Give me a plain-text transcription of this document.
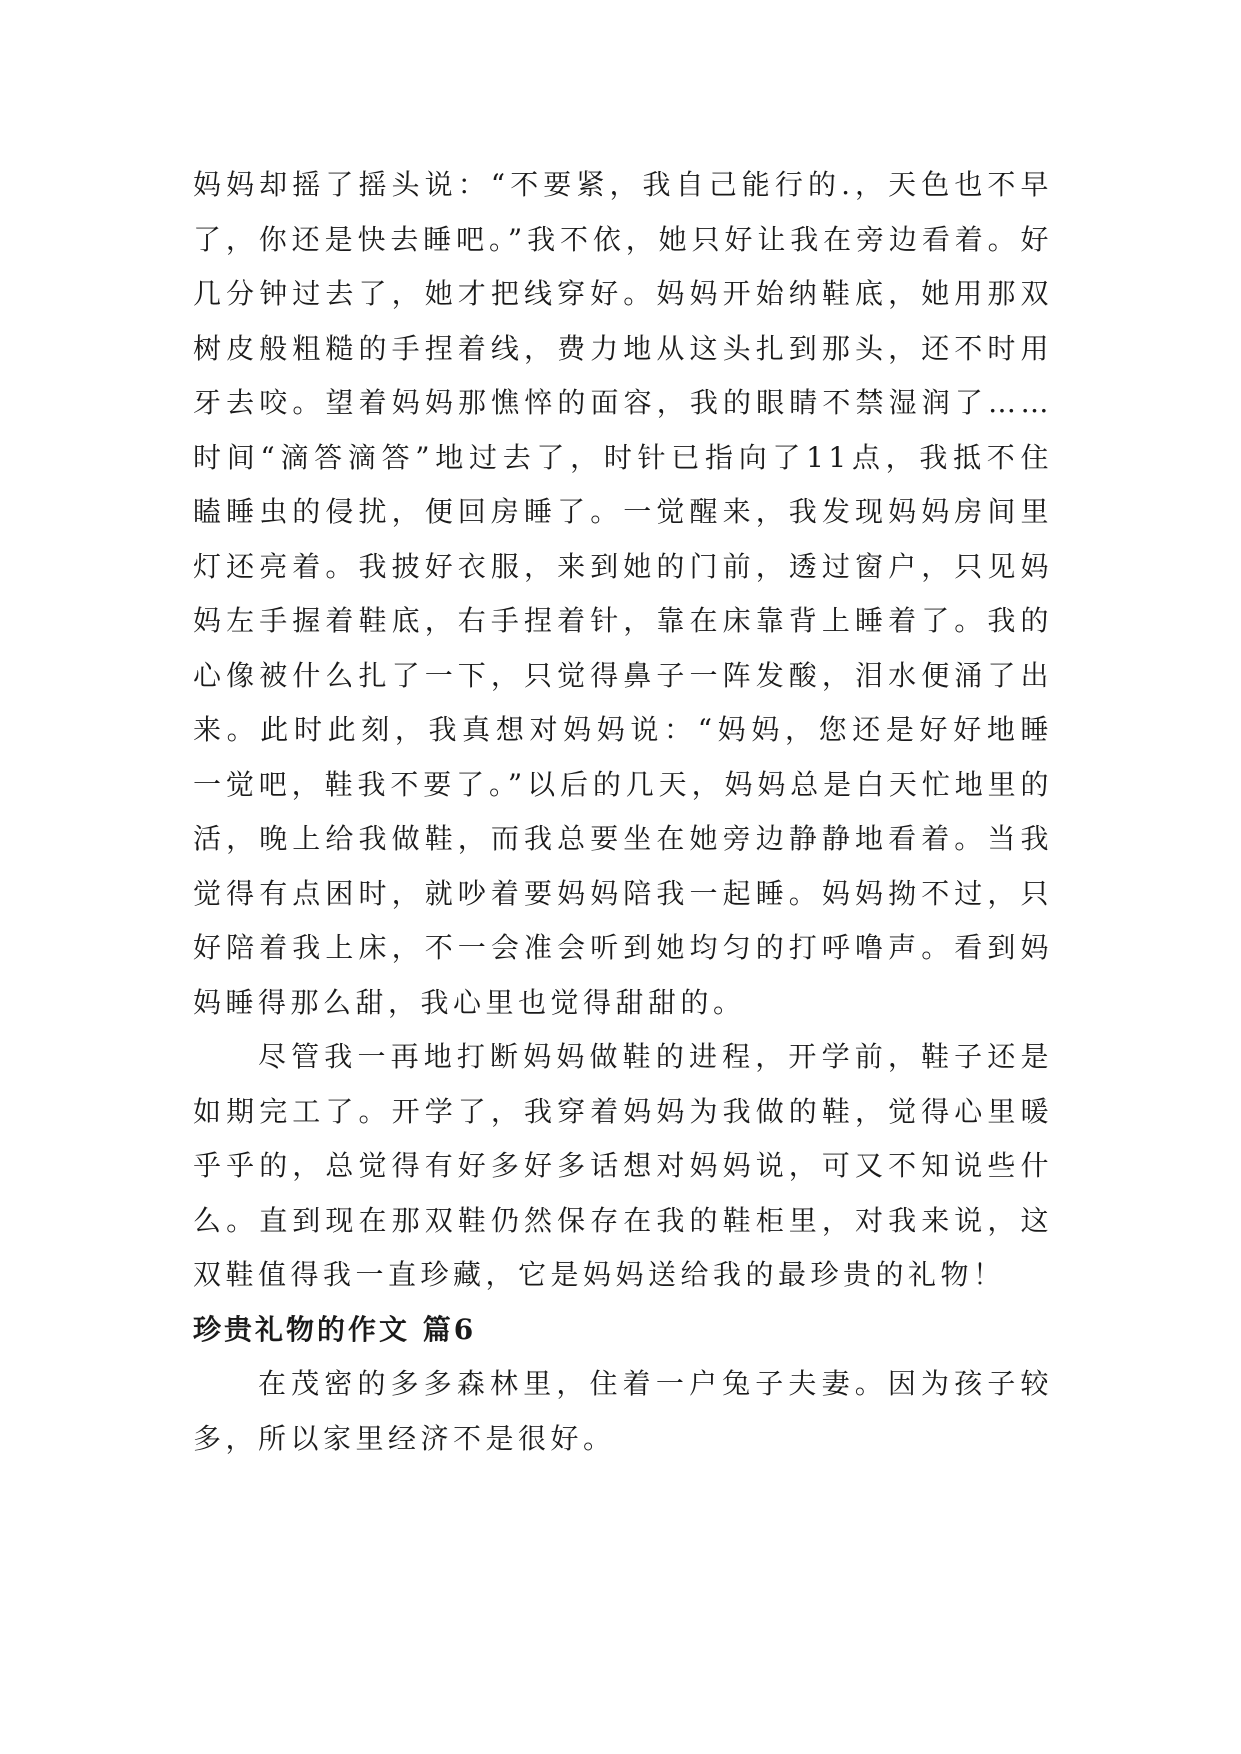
妈妈却摇了摇头说：“不要紧，我自己能行的.，天色也不早了，你还是快去睡吧。”我不依，她只好让我在旁边看着。好几分钟过去了，她才把线穿好。妈妈开始纳鞋底，她用那双树皮般粗糙的手捏着线，费力地从这头扎到那头，还不时用牙去咬。望着妈妈那憔悴的面容，我的眼睛不禁湿润了……时间“滴答滴答”地过去了，时针已指向了11点，我抵不住瞌睡虫的侵扰，便回房睡了。一觉醒来，我发现妈妈房间里灯还亮着。我披好衣服，来到她的门前，透过窗户，只见妈妈左手握着鞋底，右手捏着针，靠在床靠背上睡着了。我的心像被什么扎了一下，只觉得鼻子一阵发酸，泪水便涌了出来。此时此刻，我真想对妈妈说：“妈妈，您还是好好地睡一觉吧，鞋我不要了。”以后的几天，妈妈总是白天忙地里的活，晚上给我做鞋，而我总要坐在她旁边静静地看着。当我觉得有点困时，就吵着要妈妈陪我一起睡。妈妈拗不过，只好陪着我上床，不一会准会听到她均匀的打呼噜声。看到妈妈睡得那么甜，我心里也觉得甜甜的。

尽管我一再地打断妈妈做鞋的进程，开学前，鞋子还是如期完工了。开学了，我穿着妈妈为我做的鞋，觉得心里暖乎乎的，总觉得有好多好多话想对妈妈说，可又不知说些什么。直到现在那双鞋仍然保存在我的鞋柜里，对我来说，这双鞋值得我一直珍藏，它是妈妈送给我的最珍贵的礼物！

珍贵礼物的作文 篇6

在茂密的多多森林里，住着一户兔子夫妻。因为孩子较多，所以家里经济不是很好。
